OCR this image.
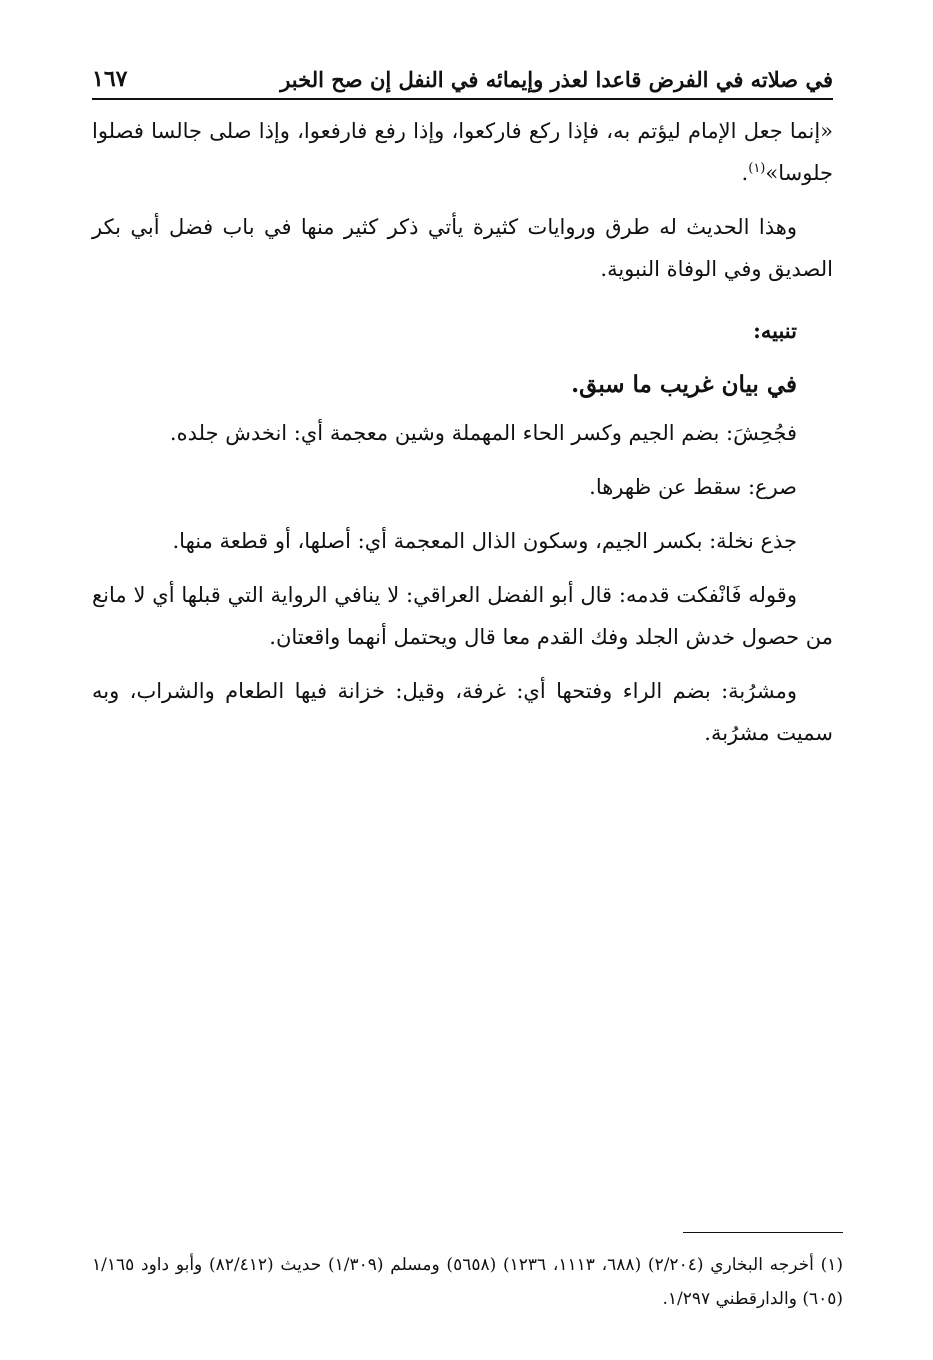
في صلاته في الفرض قاعدا لعذر وإيمائه في النفل إن صح الخبر
١٦٧

«إنما جعل الإمام ليؤتم به، فإذا ركع فاركعوا، وإذا رفع فارفعوا، وإذا صلى جالسا فصلوا جلوسا»$^{(١)}$.

وهذا الحديث له طرق وروايات كثيرة يأتي ذكر كثير منها في باب فضل أبي بكر الصديق وفي الوفاة النبوية.

تنبيه:
في بيان غريب ما سبق.

فجُحِشَ: بضم الجيم وكسر الحاء المهملة وشين معجمة أي: انخدش جلده.

صرع: سقط عن ظهرها.

جذع نخلة: بكسر الجيم، وسكون الذال المعجمة أي: أصلها، أو قطعة منها.

وقوله فَانْفكت قدمه: قال أبو الفضل العراقي: لا ينافي الرواية التي قبلها أي لا مانع من حصول خدش الجلد وفك القدم معا قال ويحتمل أنهما واقعتان.

ومشرُبة: بضم الراء وفتحها أي: غرفة، وقيل: خزانة فيها الطعام والشراب، وبه سميت مشرُبة.

(١) أخرجه البخاري (٢/٢٠٤) (٦٨٨، ١١١٣، ١٢٣٦) (٥٦٥٨) ومسلم (١/٣٠٩) حديث (٨٢/٤١٢) وأبو داود ١/١٦٥ (٦٠٥) والدارقطني ١/٢٩٧.
